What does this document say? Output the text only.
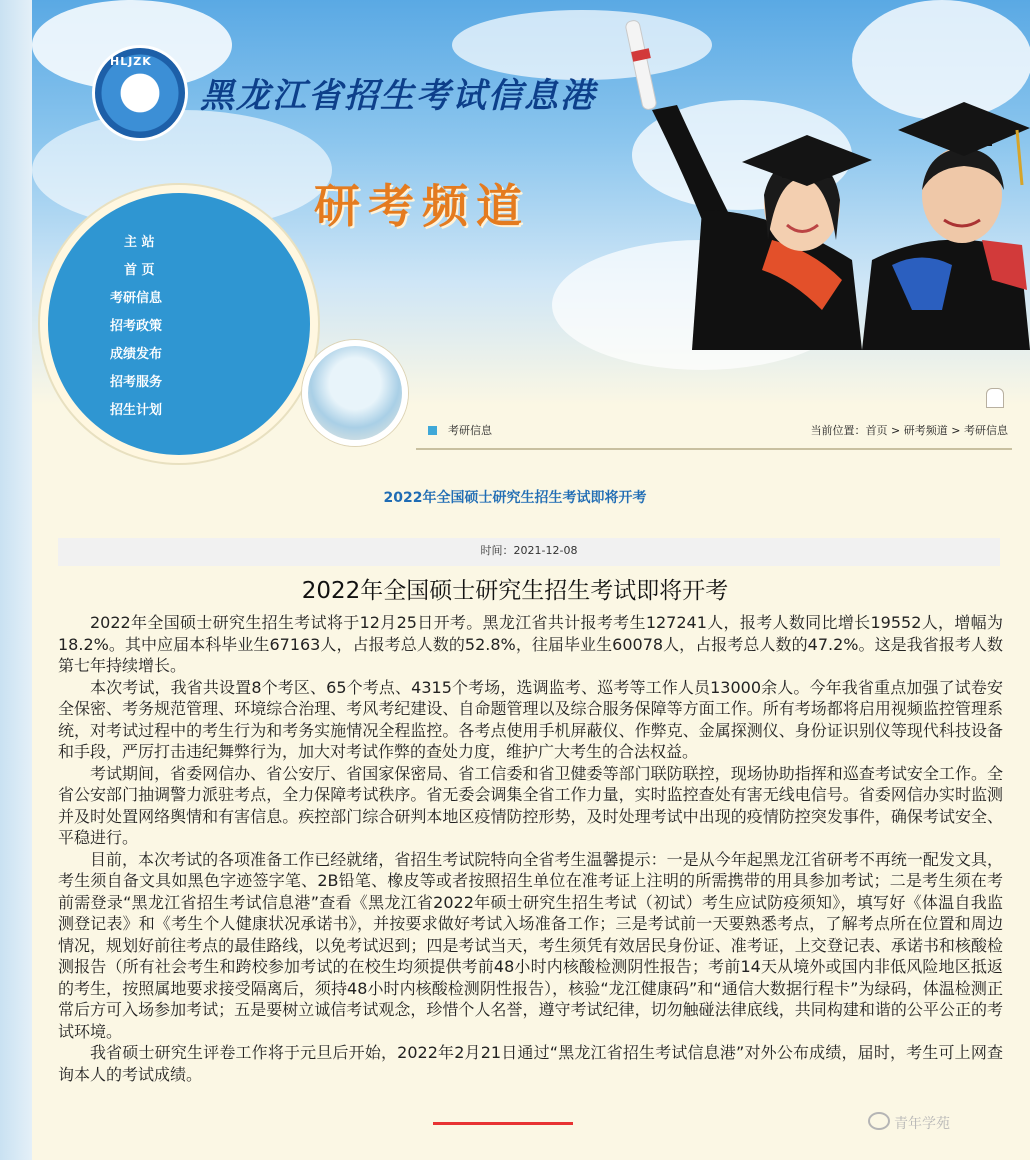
HLJZK
黑龙江省招生考试信息港
研考频道
主 站
首 页
考研信息
招考政策
成绩发布
招考服务
招生计划
考研信息	当前位置：首页 > 研考频道 > 考研信息
2022年全国硕士研究生招生考试即将开考
时间：2021-12-08
2022年全国硕士研究生招生考试即将开考

2022年全国硕士研究生招生考试将于12月25日开考。黑龙江省共计报考考生127241人，报考人数同比增长19552人，增幅为18.2%。其中应届本科毕业生67163人，占报考总人数的52.8%，往届毕业生60078人，占报考总人数的47.2%。这是我省报考人数第七年持续增长。

本次考试，我省共设置8个考区、65个考点、4315个考场，选调监考、巡考等工作人员13000余人。今年我省重点加强了试卷安全保密、考务规范管理、环境综合治理、考风考纪建设、自命题管理以及综合服务保障等方面工作。所有考场都将启用视频监控管理系统，对考试过程中的考生行为和考务实施情况全程监控。各考点使用手机屏蔽仪、作弊克、金属探测仪、身份证识别仪等现代科技设备和手段，严厉打击违纪舞弊行为，加大对考试作弊的查处力度，维护广大考生的合法权益。

考试期间，省委网信办、省公安厅、省国家保密局、省工信委和省卫健委等部门联防联控，现场协助指挥和巡查考试安全工作。全省公安部门抽调警力派驻考点，全力保障考试秩序。省无委会调集全省工作力量，实时监控查处有害无线电信号。省委网信办实时监测并及时处置网络舆情和有害信息。疾控部门综合研判本地区疫情防控形势，及时处理考试中出现的疫情防控突发事件，确保考试安全、平稳进行。

目前，本次考试的各项准备工作已经就绪，省招生考试院特向全省考生温馨提示：一是从今年起黑龙江省研考不再统一配发文具，考生须自备文具如黑色字迹签字笔、2B铅笔、橡皮等或者按照招生单位在准考证上注明的所需携带的用具参加考试；二是考生须在考前需登录“黑龙江省招生考试信息港”查看《黑龙江省2022年硕士研究生招生考试（初试）考生应试防疫须知》，填写好《体温自我监测登记表》和《考生个人健康状况承诺书》，并按要求做好考试入场准备工作；三是考试前一天要熟悉考点，了解考点所在位置和周边情况，规划好前往考点的最佳路线，以免考试迟到；四是考试当天，考生须凭有效居民身份证、准考证，上交登记表、承诺书和核酸检测报告（所有社会考生和跨校参加考试的在校生均须提供考前48小时内核酸检测阴性报告；考前14天从境外或国内非低风险地区抵返的考生，按照属地要求接受隔离后，须持48小时内核酸检测阴性报告），核验“龙江健康码”和“通信大数据行程卡”为绿码，体温检测正常后方可入场参加考试；五是要树立诚信考试观念，珍惜个人名誉，遵守考试纪律，切勿触碰法律底线，共同构建和谐的公平公正的考试环境。

我省硕士研究生评卷工作将于元旦后开始，2022年2月21日通过“黑龙江省招生考试信息港”对外公布成绩，届时，考生可上网查询本人的考试成绩。

青年学苑
